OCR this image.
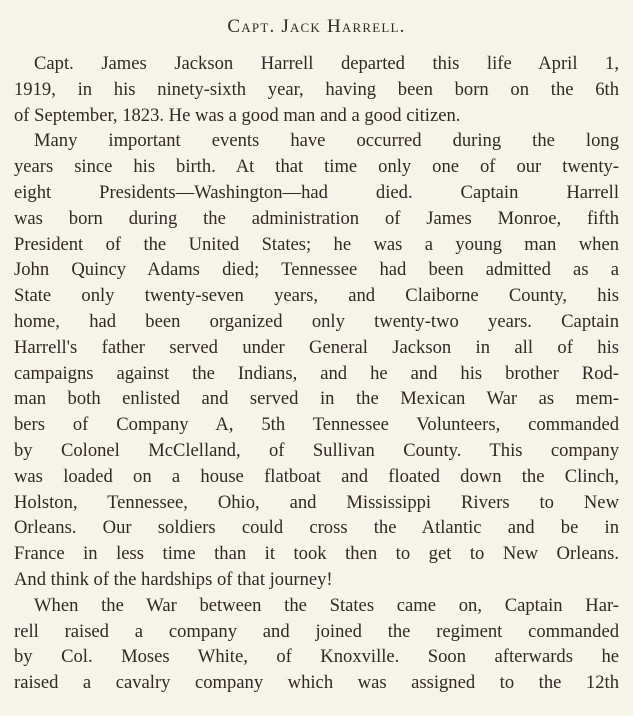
Capt. Jack Harrell.

Capt. James Jackson Harrell departed this life April 1,
1919, in his ninety-sixth year, having been born on the 6th
of September, 1823. He was a good man and a good citizen.

Many important events have occurred during the long
years since his birth. At that time only one of our twenty-
eight Presidents—Washington—had died. Captain Harrell
was born during the administration of James Monroe, fifth
President of the United States; he was a young man when
John Quincy Adams died; Tennessee had been admitted as a
State only twenty-seven years, and Claiborne County, his
home, had been organized only twenty-two years. Captain
Harrell's father served under General Jackson in all of his
campaigns against the Indians, and he and his brother Rod-
man both enlisted and served in the Mexican War as mem-
bers of Company A, 5th Tennessee Volunteers, commanded
by Colonel McClelland, of Sullivan County. This company
was loaded on a house flatboat and floated down the Clinch,
Holston, Tennessee, Ohio, and Mississippi Rivers to New
Orleans. Our soldiers could cross the Atlantic and be in
France in less time than it took then to get to New Orleans.
And think of the hardships of that journey!

When the War between the States came on, Captain Har-
rell raised a company and joined the regiment commanded
by Col. Moses White, of Knoxville. Soon afterwards he
raised a cavalry company which was assigned to the 12th
